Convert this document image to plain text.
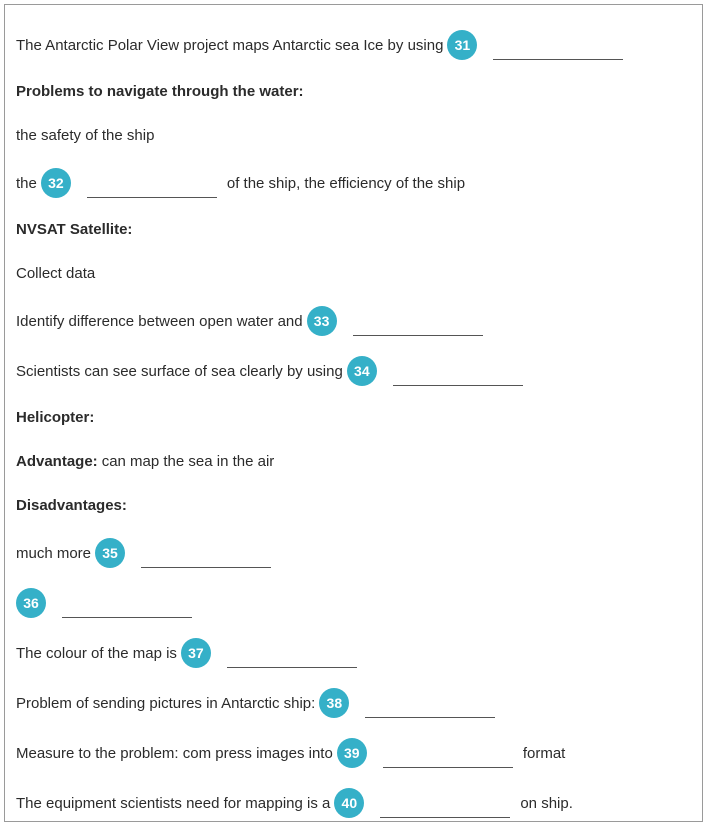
The Antarctic Polar View project maps Antarctic sea Ice by using 31
Problems to navigate through the water:
the safety of the ship
the 32	of the ship, the efficiency of the ship
NVSAT Satellite:
Collect data
Identify difference between open water and 33
Scientists can see surface of sea clearly by using 34
Helicopter:
Advantage: can map the sea in the air
Disadvantages:
much more 35
36
The colour of the map is 37
Problem of sending pictures in Antarctic ship: 38
Measure to the problem: com press images into 39	format
The equipment scientists need for mapping is a 40	on ship.
